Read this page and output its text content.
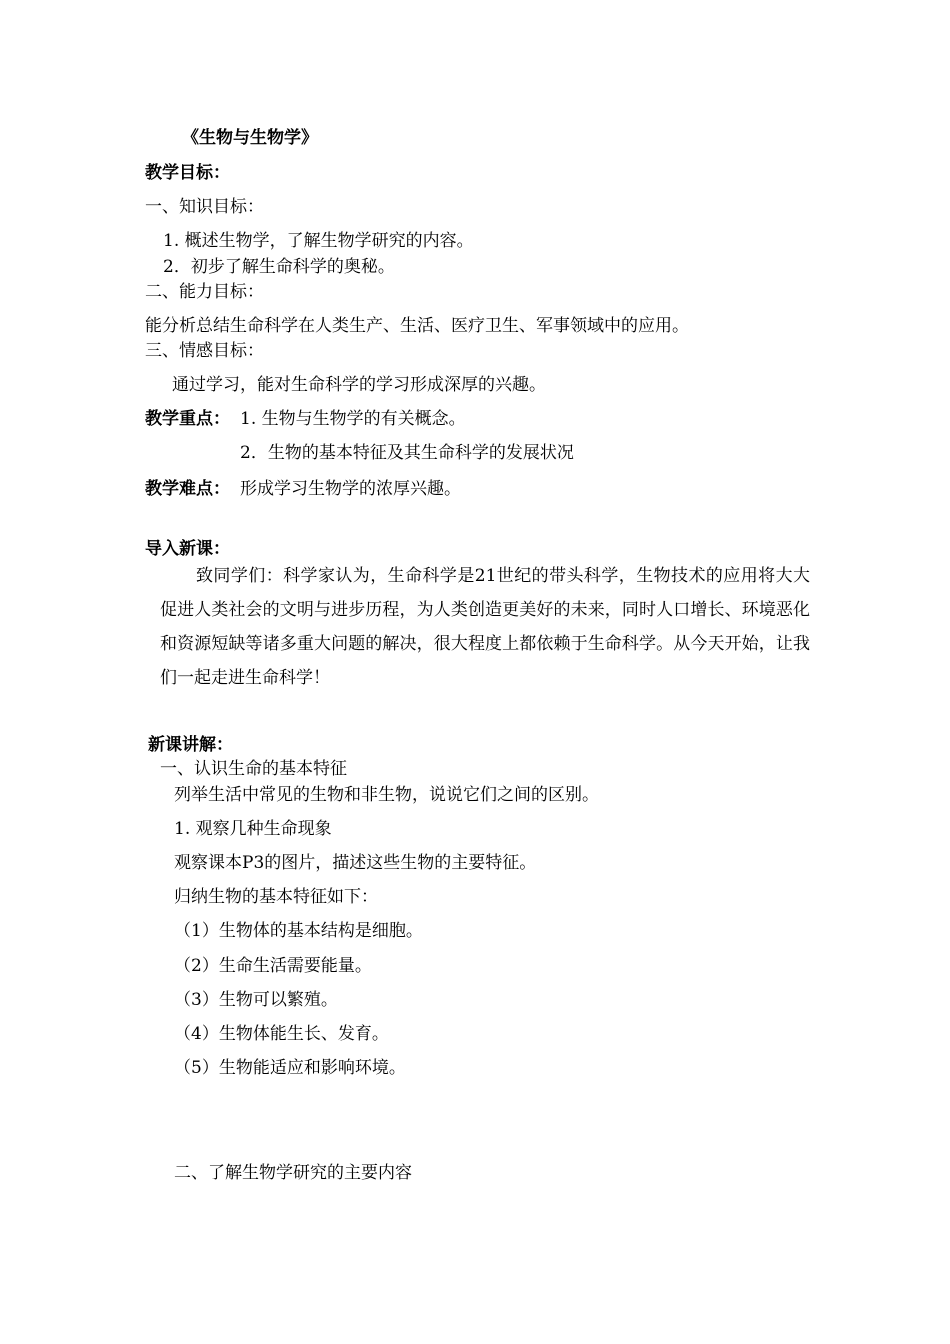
《生物与生物学》
教学目标：
一、知识目标：
1. 概述生物学，了解生物学研究的内容。
2．初步了解生命科学的奥秘。
二、能力目标：
能分析总结生命科学在人类生产、生活、医疗卫生、军事领域中的应用。
三、情感目标：
通过学习，能对生命科学的学习形成深厚的兴趣。
教学重点： 1. 生物与生物学的有关概念。
2．生物的基本特征及其生命科学的发展状况
教学难点： 形成学习生物学的浓厚兴趣。
导入新课：
致同学们：科学家认为，生命科学是21世纪的带头科学，生物技术的应用将大大促进人类社会的文明与进步历程，为人类创造更美好的未来，同时人口增长、环境恶化和资源短缺等诸多重大问题的解决，很大程度上都依赖于生命科学。从今天开始，让我们一起走进生命科学！
新课讲解：
一、认识生命的基本特征
列举生活中常见的生物和非生物，说说它们之间的区别。
1. 观察几种生命现象
观察课本P3的图片，描述这些生物的主要特征。
归纳生物的基本特征如下：
（1）生物体的基本结构是细胞。
（2）生命生活需要能量。
（3）生物可以繁殖。
（4）生物体能生长、发育。
（5）生物能适应和影响环境。
二、了解生物学研究的主要内容
